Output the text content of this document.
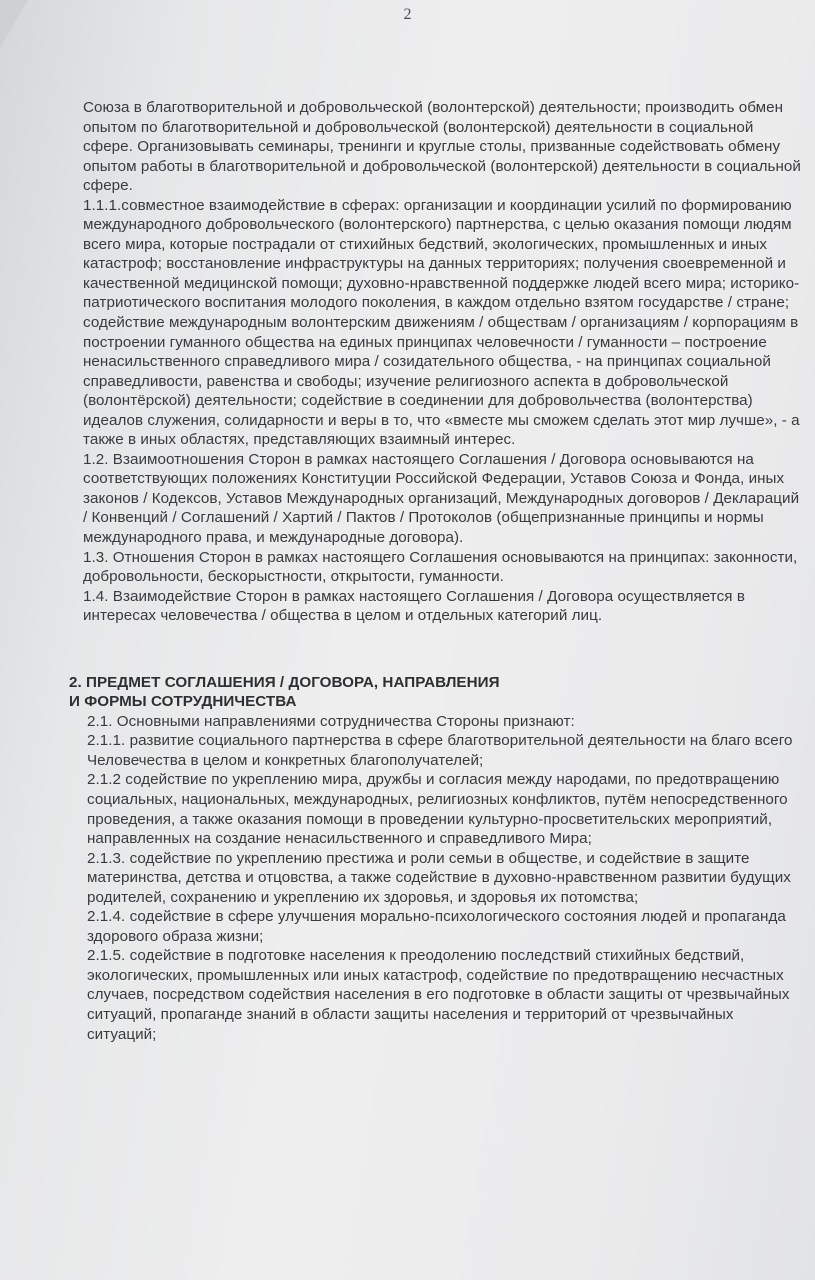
2

Союза в благотворительной и добровольческой (волонтерской) деятельности; производить обмен опытом по благотворительной и добровольческой (волонтерской) деятельности в социальной сфере. Организовывать семинары, тренинги и круглые столы, призванные содействовать обмену опытом работы в благотворительной и добровольческой (волонтерской) деятельности в социальной сфере.

1.1.1.совместное взаимодействие в сферах: организации и координации усилий по формированию международного добровольческого (волонтерского) партнерства, с целью оказания помощи людям всего мира, которые пострадали от стихийных бедствий, экологических, промышленных и иных катастроф; восстановление инфраструктуры на данных территориях; получения своевременной и качественной медицинской помощи; духовно-нравственной поддержке людей всего мира; историко-патриотического воспитания молодого поколения, в каждом отдельно взятом государстве / стране; содействие международным волонтерским движениям / обществам / организациям / корпорациям в построении гуманного общества на единых принципах человечности / гуманности – построение ненасильственного справедливого мира / созидательного общества, - на принципах социальной справедливости, равенства и свободы; изучение религиозного аспекта в добровольческой (волонтёрской) деятельности; содействие в соединении для добровольчества (волонтерства) идеалов служения, солидарности и веры в то, что «вместе мы сможем сделать этот мир лучше», - а также в иных областях, представляющих взаимный интерес.

1.2. Взаимоотношения Сторон в рамках настоящего Соглашения / Договора основываются на соответствующих положениях Конституции Российской Федерации, Уставов Союза и Фонда, иных законов / Кодексов, Уставов Международных организаций, Международных договоров / Деклараций / Конвенций / Соглашений / Хартий / Пактов / Протоколов (общепризнанные принципы и нормы международного права, и международные договора).

1.3. Отношения Сторон в рамках настоящего Соглашения основываются на принципах: законности, добровольности, бескорыстности, открытости, гуманности.

1.4. Взаимодействие Сторон в рамках настоящего Соглашения / Договора осуществляется в интересах человечества / общества в целом и отдельных категорий лиц.

2. ПРЕДМЕТ СОГЛАШЕНИЯ / ДОГОВОРА, НАПРАВЛЕНИЯ

И ФОРМЫ СОТРУДНИЧЕСТВА

2.1. Основными направлениями сотрудничества Стороны признают:

2.1.1. развитие социального партнерства в сфере благотворительной деятельности на благо всего Человечества в целом и конкретных благополучателей;

2.1.2 содействие по укреплению мира, дружбы и согласия между народами, по предотвращению социальных, национальных, международных, религиозных конфликтов, путём непосредственного проведения, а также оказания помощи в проведении культурно-просветительских мероприятий, направленных на создание ненасильственного и справедливого Мира;

2.1.3. содействие по укреплению престижа и роли семьи в обществе, и содействие в защите материнства, детства и отцовства, а также содействие в духовно-нравственном развитии будущих родителей, сохранению и укреплению их здоровья, и здоровья их потомства;

2.1.4. содействие в сфере улучшения морально-психологического состояния людей и пропаганда здорового образа жизни;

2.1.5. содействие в подготовке населения к преодолению последствий стихийных бедствий, экологических, промышленных или иных катастроф, содействие по предотвращению несчастных случаев, посредством содействия населения в его подготовке в области защиты от чрезвычайных ситуаций, пропаганде знаний в области защиты населения и территорий от чрезвычайных ситуаций;
